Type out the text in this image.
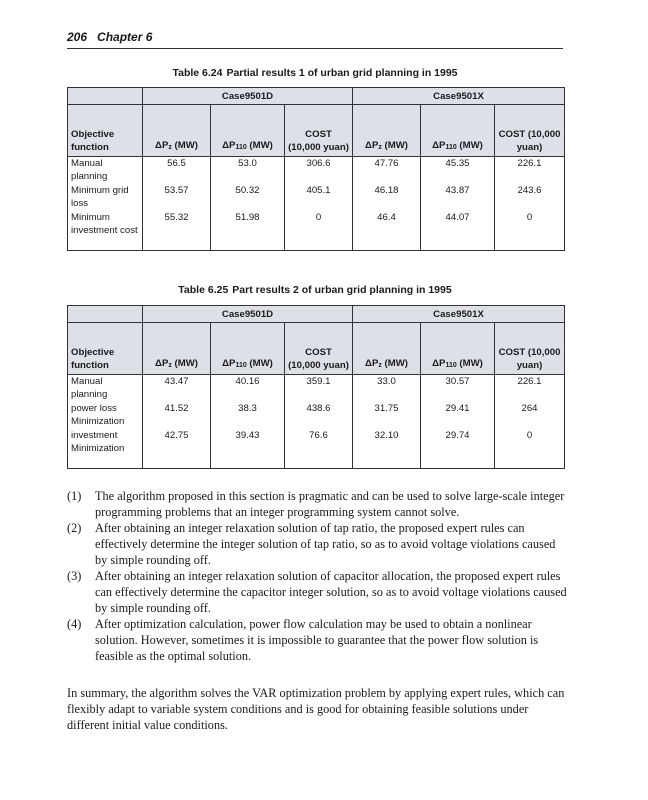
206 Chapter 6
Table 6.24 Partial results 1 of urban grid planning in 1995
	Case9501D			Case9501X		
Objective function	ΔPz (MW)	ΔP110 (MW)	COST (10,000 yuan)	ΔPz (MW)	ΔP110 (MW)	COST (10,000 yuan)
Manual planning	56.5	53.0	306.6	47.76	45.35	226.1
Minimum grid loss	53.57	50.32	405.1	46.18	43.87	243.6
Minimum investment cost	55.32	51.98	0	46.4	44.07	0
Table 6.25 Part results 2 of urban grid planning in 1995
	Case9501D			Case9501X		
Objective function	ΔPz (MW)	ΔP110 (MW)	COST (10,000 yuan)	ΔPz (MW)	ΔP110 (MW)	COST (10,000 yuan)
Manual planning	43.47	40.16	359.1	33.0	30.57	226.1
power loss Minimization	41.52	38.3	438.6	31.75	29.41	264
investment Minimization	42.75	39.43	76.6	32.10	29.74	0
(1) The algorithm proposed in this section is pragmatic and can be used to solve large-scale integer programming problems that an integer programming system cannot solve.
(2) After obtaining an integer relaxation solution of tap ratio, the proposed expert rules can effectively determine the integer solution of tap ratio, so as to avoid voltage violations caused by simple rounding off.
(3) After obtaining an integer relaxation solution of capacitor allocation, the proposed expert rules can effectively determine the capacitor integer solution, so as to avoid voltage violations caused by simple rounding off.
(4) After optimization calculation, power flow calculation may be used to obtain a nonlinear solution. However, sometimes it is impossible to guarantee that the power flow solution is feasible as the optimal solution.
In summary, the algorithm solves the VAR optimization problem by applying expert rules, which can flexibly adapt to variable system conditions and is good for obtaining feasible solutions under different initial value conditions.
